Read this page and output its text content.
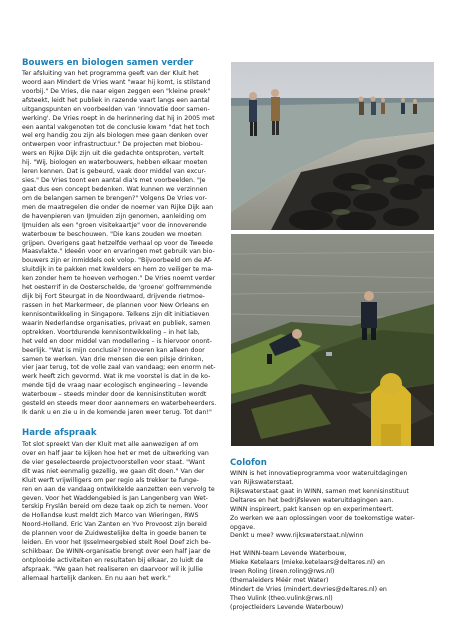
Bouwers en biologen samen verder
Ter afsluiting van het programma geeft van der Kluit het
woord aan Mindert de Vries want "waar hij komt, is stilstand
voorbij." De Vries, die naar eigen zeggen een "kleine preek"
afsteekt, leidt het publiek in razende vaart langs een aantal
uitgangspunten en voorbeelden van 'innovatie door samen-
werking'. De Vries roept in de herinnering dat hij in 2005 met
een aantal vakgenoten tot de conclusie kwam "dat het toch
wel erg handig zou zijn als biologen mee gaan denken over
ontwerpen voor infrastructuur." De projecten met biobou-
wers en Rijke Dijk zijn uit die gedachte ontsproten, vertelt
hij. "Wij, biologen en waterbouwers, hebben elkaar moeten
leren kennen. Dat is gebeurd, vaak door middel van excur-
sies." De Vries toont een aantal dia's met voorbeelden. "Je
gaat dus een concept bedenken. Wat kunnen we verzinnen
om de belangen samen te brengen?" Volgens De Vries vor-
men de maatregelen die onder de noemer van Rijke Dijk aan
de havenpieren van IJmuiden zijn genomen, aanleiding om
IJmuiden als een "groen visitekaartje" voor de innoverende
waterbouw te beschouwen. "Die kans zouden we moeten
grijpen. Overigens gaat hetzelfde verhaal op voor de Tweede
Maasvlakte." Ideeën voor en ervaringen met gebruik van bio-
bouwers zijn er inmiddels ook volop. "Bijvoorbeeld om de Af-
sluitdijk in te pakken met kwelders en hem zo veiliger te ma-
ken zonder hem te hoeven verhogen." De Vries noemt verder
het oesterrif in de Oosterschelde, de 'groene' golfremmende
dijk bij Fort Steurgat in de Noordwaard, drijvende rietmoe-
rassen in het Markermeer, de plannen voor New Orleans en
kennisontwikkeling in Singapore. Telkens zijn dit initiatieven
waarin Nederlandse organisaties, privaat en publiek, samen
optrekken. Voortdurende kennisontwikkeling – in het lab,
het veld en door middel van modellering – is hiervoor onont-
beerlijk. "Wat is mijn conclusie? Innoveren kan alleen door
samen te werken. Van drie mensen die een pilsje drinken,
vier jaar terug, tot de volle zaal van vandaag; een enorm net-
werk heeft zich gevormd. Wat ik me voorstel is dat in de ko-
mende tijd de vraag naar ecologisch engineering – levende
waterbouw – steeds minder door de kennisinstituten wordt
gesteld en steeds meer door aannemers en waterbeheerders.
Ik dank u en zie u in de komende jaren weer terug. Tot dan!"
Harde afspraak
Tot slot spreekt Van der Kluit met alle aanwezigen af om
over en half jaar te kijken hoe het er met de uitwerking van
de vier geselecteerde projectvoorstellen voor staat. "Want
dit was niet eenmalig gezellig, we gaan dit doen." Van der
Kluit werft vrijwilligers om per regio als trekker te funge-
ren en aan de vandaag ontwikkelde aanzetten een vervolg te
geven. Voor het Waddengebied is Jan Langenberg van Wet-
terskip Fryslân bereid om deze taak op zich te nemen. Voor
de Hollandse kust meldt zich Marco van Wieringen, RWS
Noord-Holland. Eric Van Zanten en Yvo Provoost zijn bereid
de plannen voor de Zuidwestelijke delta in goede banen te
leiden. En voor het IJsselmeergebied stelt Roel Doef zich be-
schikbaar. De WINN-organisatie brengt over een half jaar de
ontplooide activiteiten en resultaten bij elkaar, zo luidt de
afspraak. "We gaan het realiseren en daarvoor wil ik jullie
allemaal hartelijk danken. En nu aan het werk."
Colofon
WINN is het innovatieprogramma voor wateruitdagingen
van Rijkswaterstaat.
Rijkswaterstaat gaat in WINN, samen met kennisinstituut
Deltares en het bedrijfsleven wateruitdagingen aan.
WINN inspireert, pakt kansen op en experimenteert.
Zo werken we aan oplossingen voor de toekomstige water-
opgave.
Denkt u mee? www.rijkswaterstaat.nl/winn

Het WINN-team Levende Waterbouw,
Mieke Ketelaars (mieke.ketelaars@deltares.nl) en
Ireen Roling (ireen.roling@rws.nl)
(themaleiders Méér met Water)
Mindert de Vries (mindert.devries@deltares.nl) en
Theo Vulink (theo.vulink@rws.nl)
(projectleiders Levende Waterbouw)
